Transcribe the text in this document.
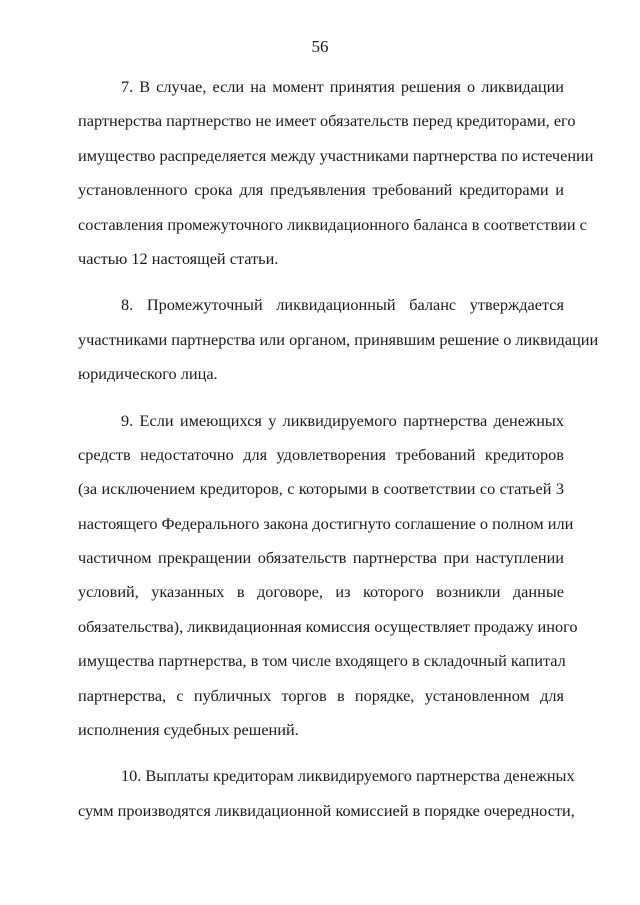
56

7. В случае, если на момент принятия решения о ликвидации
партнерства партнерство не имеет обязательств перед кредиторами, его
имущество распределяется между участниками партнерства по истечении
установленного срока для предъявления требований кредиторами и
составления промежуточного ликвидационного баланса в соответствии с
частью 12 настоящей статьи.

8. Промежуточный ликвидационный баланс утверждается
участниками партнерства или органом, принявшим решение о ликвидации
юридического лица.

9. Если имеющихся у ликвидируемого партнерства денежных
средств недостаточно для удовлетворения требований кредиторов
(за исключением кредиторов, с которыми в соответствии со статьей 3
настоящего Федерального закона достигнуто соглашение о полном или
частичном прекращении обязательств партнерства при наступлении
условий, указанных в договоре, из которого возникли данные
обязательства), ликвидационная комиссия осуществляет продажу иного
имущества партнерства, в том числе входящего в складочный капитал
партнерства, с публичных торгов в порядке, установленном для
исполнения судебных решений.

10. Выплаты кредиторам ликвидируемого партнерства денежных
сумм производятся ликвидационной комиссией в порядке очередности,
